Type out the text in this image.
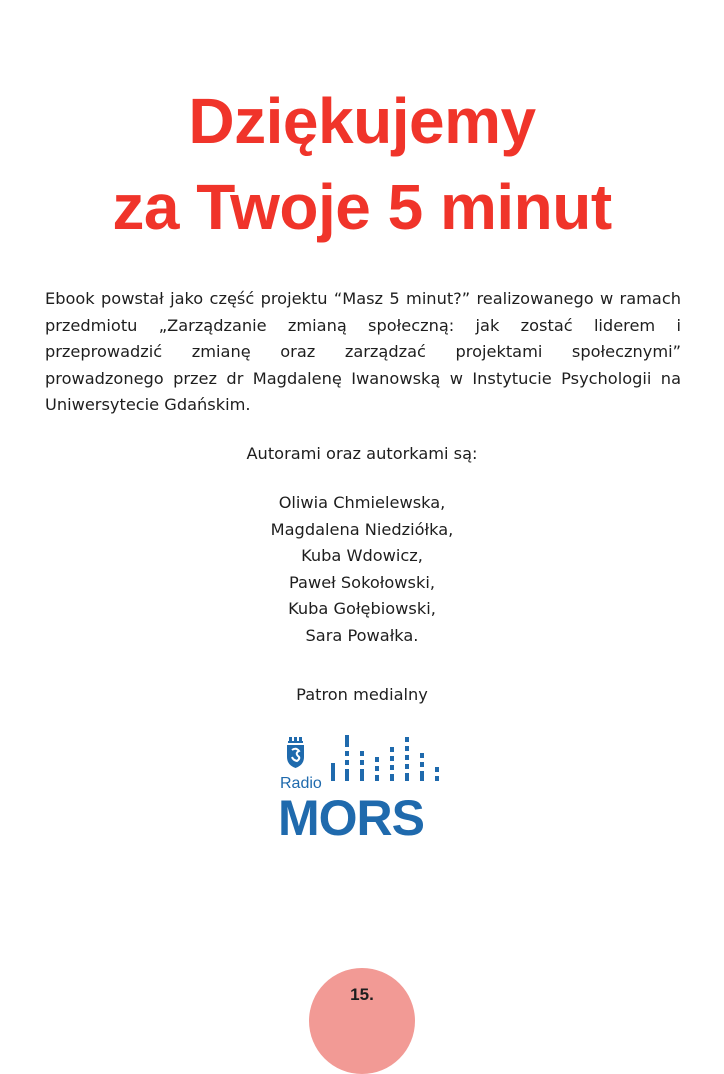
Dziękujemy
za Twoje 5 minut

Ebook powstał jako część projektu “Masz 5 minut?” realizowanego w ramach przedmiotu „Zarządzanie zmianą społeczną: jak zostać liderem i przeprowadzić zmianę oraz zarządzać projektami społecznymi” prowadzonego przez dr Magdalenę Iwanowską w Instytucie Psychologii na Uniwersytecie Gdańskim.

Autorami oraz autorkami są:

Oliwia Chmielewska,
Magdalena Niedziółka,
Kuba Wdowicz,
Paweł Sokołowski,
Kuba Gołębiowski,
Sara Powałka.

Patron medialny

Radio
MORS
15.
